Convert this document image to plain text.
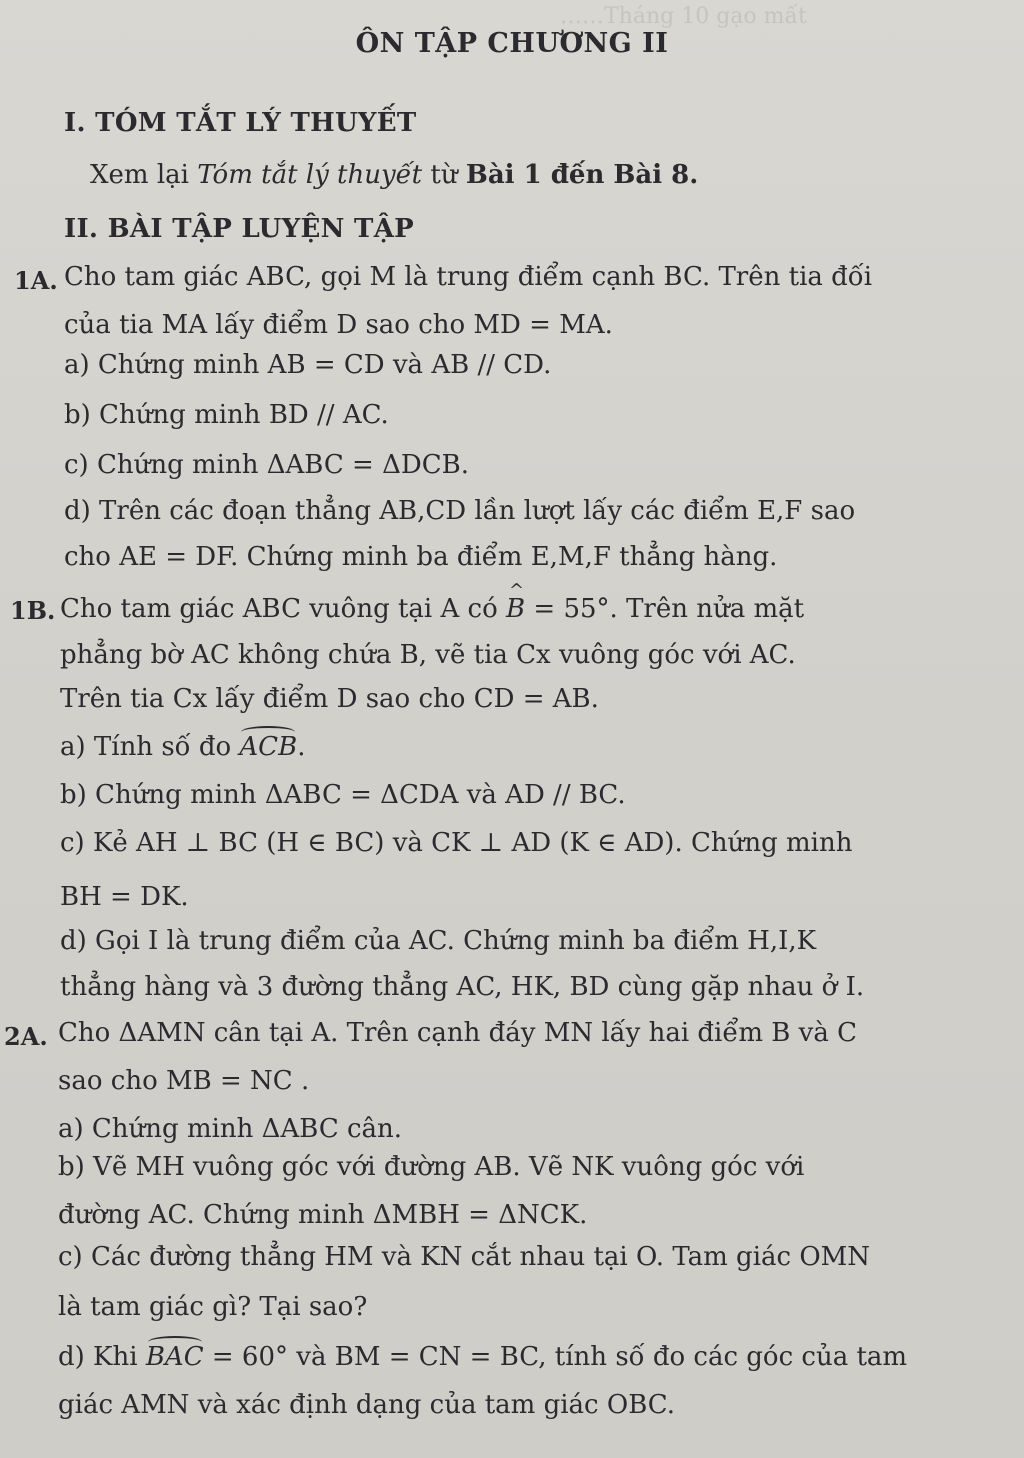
……Tháng 10 gạo mất
ÔN TẬP CHƯƠNG II
I. TÓM TẮT LÝ THUYẾT
Xem lại Tóm tắt lý thuyết từ Bài 1 đến Bài 8.
II. BÀI TẬP LUYỆN TẬP
1A. Cho tam giác ABC, gọi M là trung điểm cạnh BC. Trên tia đối
của tia MA lấy điểm D sao cho MD = MA.
a) Chứng minh AB = CD và AB // CD.
b) Chứng minh BD // AC.
c) Chứng minh ΔABC = ΔDCB.
d) Trên các đoạn thẳng AB,CD lần lượt lấy các điểm E,F sao
cho AE = DF. Chứng minh ba điểm E,M,F thẳng hàng.
1B. Cho tam giác ABC vuông tại A có ^ B = 55°. Trên nửa mặt
phẳng bờ AC không chứa B, vẽ tia Cx vuông góc với AC.
Trên tia Cx lấy điểm D sao cho CD = AB.
a) Tính số đo ACB.
b) Chứng minh ΔABC = ΔCDA và AD // BC.
c) Kẻ AH ⊥ BC (H ∈ BC) và CK ⊥ AD (K ∈ AD). Chứng minh
BH = DK.
d) Gọi I là trung điểm của AC. Chứng minh ba điểm H,I,K
thẳng hàng và 3 đường thẳng AC, HK, BD cùng gặp nhau ở I.
2A. Cho ΔAMN cân tại A. Trên cạnh đáy MN lấy hai điểm B và C
sao cho MB = NC .
a) Chứng minh ΔABC cân.
b) Vẽ MH vuông góc với đường AB. Vẽ NK vuông góc với
đường AC. Chứng minh ΔMBH = ΔNCK.
c) Các đường thẳng HM và KN cắt nhau tại O. Tam giác OMN
là tam giác gì? Tại sao?
d) Khi BAC = 60° và BM = CN = BC, tính số đo các góc của tam
giác AMN và xác định dạng của tam giác OBC.
